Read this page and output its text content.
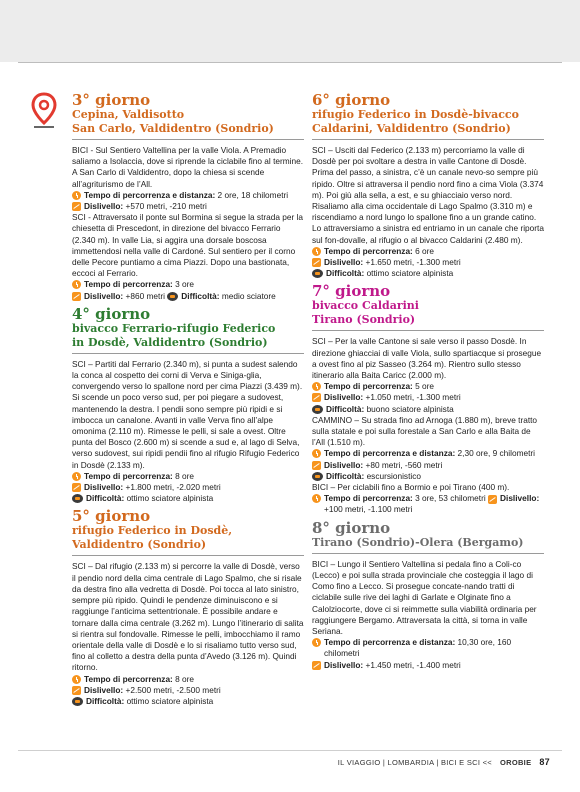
3° giorno
Cepina, Valdisotto
San Carlo, Valdidentro (Sondrio)

BICI - Sul Sentiero Valtellina per la valle Viola. A Premadio saliamo a Isolaccia, dove si riprende la ciclabile fino al termine. A San Carlo di Valdidentro, dopo la chiesa si scende all’agriturismo de l’All.

Tempo di percorrenza e distanza: 2 ore, 18 chilometri
Dislivello: +570 metri, -210 metri

SCI - Attraversato il ponte sul Bormina si segue la strada per la chiesetta di Prescedont, in direzione del bivacco Ferrario (2.340 m). In valle Lia, si aggira una dorsale boscosa immettendosi nella valle di Cardoné. Sul sentiero per il corno delle Pecore puntiamo a cima Piazzi. Dopo una bastionata, eccoci al Ferrario.

Tempo di percorrenza: 3 ore
Dislivello: +860 metri Difficoltà: medio sciatore
4° giorno
bivacco Ferrario-rifugio Federico
in Dosdè, Valdidentro (Sondrio)

SCI – Partiti dal Ferrario (2.340 m), si punta a sudest salendo la conca al cospetto dei corni di Verva e Siniga-glia, convergendo verso lo spallone nord per cima Piazzi (3.439 m). Si scende un poco verso sud, per poi piegare a sudovest, mantenendo la destra. I pendii sono sempre più ripidi e si imbocca un canalone. Avanti in valle Verva fino all’alpe omonima (2.110 m). Rimesse le pelli, si sale a ovest. Oltre punta del Bosco (2.600 m) si scende a sud e, al lago di Selva, verso sudovest, sui ripidi pendii fino al rifugio Rifugio Federico in Dosdè (2.133 m).

Tempo di percorrenza: 8 ore
Dislivello: +1.800 metri, -2.020 metri
Difficoltà: ottimo sciatore alpinista
5° giorno
rifugio Federico in Dosdè,
Valdidentro (Sondrio)

SCI – Dal rifugio (2.133 m) si percorre la valle di Dosdè, verso il pendio nord della cima centrale di Lago Spalmo, che si risale da destra fino alla vedretta di Dosdè. Poi tocca al lato sinistro, sempre più ripido. Quindi le pendenze diminuiscono e si raggiunge l’anticima settentrionale. È possibile andare e tornare dalla cima centrale (3.262 m). Lungo l’itinerario di salita si rientra sul fondovalle. Rimesse le pelli, imbocchiamo il ramo orientale della valle di Dosdè e lo si risaliamo tutto verso sud, fino al colletto a destra della punta d’Avedo (3.126 m). Quindi ritorno.

Tempo di percorrenza: 8 ore
Dislivello: +2.500 metri, -2.500 metri
Difficoltà: ottimo sciatore alpinista
6° giorno
rifugio Federico in Dosdè-bivacco
Caldarini, Valdidentro (Sondrio)

SCI – Usciti dal Federico (2.133 m) percorriamo la valle di Dosdè per poi svoltare a destra in valle Cantone di Dosdè. Prima del passo, a sinistra, c’è un canale nevo-so sempre più ripido. Oltre si attraversa il pendio nord fino a cima Viola (3.374 m). Poi giù alla sella, a est, e su ghiacciaio verso nord. Risaliamo alla cima occidentale di Lago Spalmo (3.310 m) e riscendiamo a nord lungo lo spallone fino a un grande catino. Lo attraversiamo a sinistra ed entriamo in un canale che riporta sul fon-dovalle, al rifugio o al bivacco Caldarini (2.480 m).

Tempo di percorrenza: 6 ore
Dislivello: +1.650 metri, -1.300 metri
Difficoltà: ottimo sciatore alpinista
7° giorno
bivacco Caldarini
Tirano (Sondrio)

SCI – Per la valle Cantone si sale verso il passo Dosdè. In direzione ghiacciai di valle Viola, sullo spartiacque si prosegue a ovest fino al piz Sasseo (3.264 m). Rientro sullo stesso itinerario alla Baita Caricc (2.000 m).

Tempo di percorrenza: 5 ore
Dislivello: +1.050 metri, -1.300 metri
Difficoltà: buono sciatore alpinista

CAMMINO – Su strada fino ad Arnoga (1.880 m), breve tratto sulla statale e poi sulla forestale a San Carlo e alla Baita de l’All (1.510 m).

Tempo di percorrenza e distanza: 2,30 ore, 9 chilometri
Dislivello: +80 metri, -560 metri
Difficoltà: escursionistico

BICI – Per ciclabili fino a Bormio e poi Tirano (400 m).

Tempo di percorrenza: 3 ore, 53 chilometri Dislivello: +100 metri, -1.100 metri
8° giorno
Tirano (Sondrio)-Olera (Bergamo)

BICI – Lungo il Sentiero Valtellina si pedala fino a Coli-co (Lecco) e poi sulla strada provinciale che costeggia il lago di Como fino a Lecco. Si prosegue concate-nando tratti di ciclabile sulle rive dei laghi di Garlate e Olginate fino a Calolziocorte, dove ci si reimmette sulla viabilità ordinaria per raggiungere Bergamo. Attraversata la città, si torna in valle Seriana.

Tempo di percorrenza e distanza: 10,30 ore, 160 chilometri
Dislivello: +1.450 metri, -1.400 metri
IL VIAGGIO | LOMBARDIA | BICI E SCI << OROBIE 87
